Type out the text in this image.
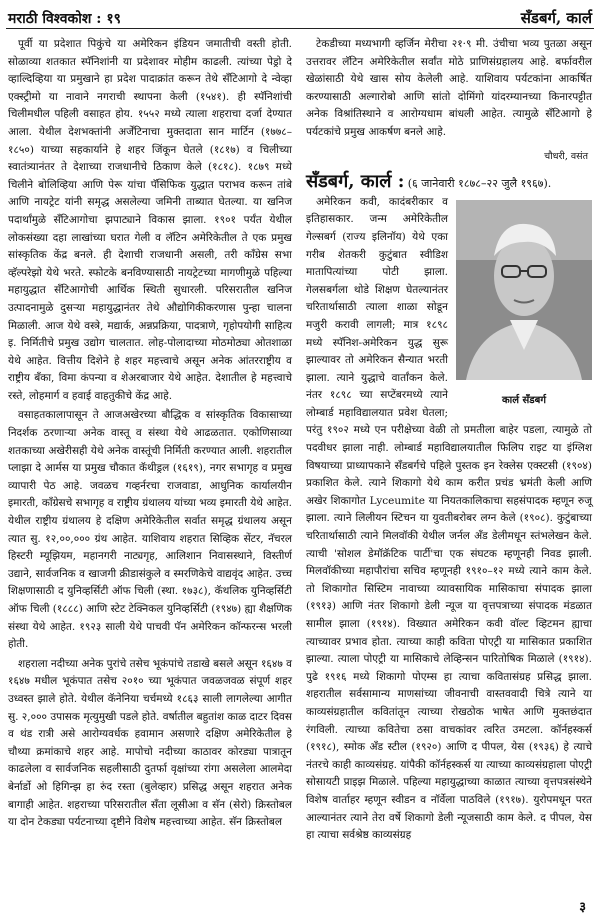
मराठी विश्वकोश : १९	सँडबर्ग, कार्ल

पूर्वी या प्रदेशात पिकुंचे या अमेरिकन इंडियन जमातीची वस्ती होती. सोळाव्या शतकात स्पॅनिशांनी या प्रदेशावर मोहीम काढली. त्यांच्या पेड्रो दे व्हाल्दिव्हिया या प्रमुखाने हा प्रदेश पादाक्रांत करून तेथे सँटिआगो दे न्वेव्हा एक्स्ट्रीमो या नावाने नगराची स्थापना केली (१५४१). ही स्पॅनिशांची चिलीमधील पहिली वसाहत होय. १५५२ मध्ये त्याला शहराचा दर्जा देण्यात आला. येथील देशभक्तांनी अर्जेंटिनाचा मुक्तदाता सान मार्टिन (१७७८–१८५०) याच्या सहकार्याने हे शहर जिंकून घेतले (१८१७) व चिलीच्या स्वातंत्र्यानंतर ते देशाच्या राजधानीचे ठिकाण केले (१८१८). १८७९ मध्ये चिलीने बोलिव्हिया आणि पेरू यांचा पॅसिफिक युद्धात पराभव करून तांबे आणि नायट्रेट यांनी समृद्ध असलेल्या जमिनी ताब्यात घेतल्या. या खनिज पदार्थांमुळे सँटिआगोचा झपाट्याने विकास झाला. १९०१ पर्यंत येथील लोकसंख्या दहा लाखांच्या घरात गेली व लॅटिन अमेरिकेतील ते एक प्रमुख सांस्कृतिक केंद्र बनले. ही देशाची राजधानी असली, तरी काँग्रेस सभा व्हॅल्परेझो येथे भरते. स्फोटके बनविण्यासाठी नायट्रेटच्या मागणीमुळे पहिल्या महायुद्धात सँटिआगोची आर्थिक स्थिती सुधारली. परिसरातील खनिज उत्पादनामुळे दुसऱ्या महायुद्धानंतर तेथे औद्योगिकीकरणास पुन्हा चालना मिळाली. आज येथे वस्त्रे, मद्यार्क, अन्नप्रक्रिया, पादत्राणे, गृहोपयोगी साहित्य इ. निर्मितीचे प्रमुख उद्योग चालतात. लोह-पोलादाच्या मोठमोठ्या ओतशाळा येथे आहेत. वित्तीय दिशेने हे शहर महत्त्वाचे असून अनेक आंतरराष्ट्रीय व राष्ट्रीय बँका, विमा कंपन्या व शेअरबाजार येथे आहेत. देशातील हे महत्त्वाचे रस्ते, लोहमार्ग व हवाई वाहतुकीचे केंद्र आहे.

वसाहतकालापासून ते आजअखेरच्या बौद्धिक व सांस्कृतिक विकासाच्या निदर्शक ठरणाऱ्या अनेक वास्तू व संस्था येथे आढळतात. एकोणिसाव्या शतकाच्या अखेरीसही येथे अनेक वास्तूंची निर्मिती करण्यात आली. शहरातील प्लाझा दे आर्मस या प्रमुख चौकात कॅथीड्रल (१६१९), नगर सभागृह व प्रमुख व्यापारी पेठ आहे. जवळच गव्हर्नरचा राजवाडा, आधुनिक कार्यालयीन इमारती, काँग्रेसचे सभागृह व राष्ट्रीय ग्रंथालय यांच्या भव्य इमारती येथे आहेत. येथील राष्ट्रीय ग्रंथालय हे दक्षिण अमेरिकेतील सर्वात समृद्ध ग्रंथालय असून त्यात सु. १२,००,००० ग्रंथ आहेत. याशिवाय शहरात सिव्हिक सेंटर, नॅचरल हिस्टरी म्यूझियम, महानगरी नाट्यगृह, आलिशान निवासस्थाने, विस्तीर्ण उद्याने, सार्वजनिक व खाजगी क्रीडासंकुले व स्मरणिकेचे वाद्यवृंद आहेत. उच्च शिक्षणासाठी द युनिव्हर्सिटी ऑफ चिली (स्था. १७३८), कॅथलिक युनिव्हर्सिटी ऑफ चिली (१८८८) आणि स्टेट टेक्निकल युनिव्हर्सिटी (१९४७) ह्या शैक्षणिक संस्था येथे आहेत. १९२३ साली येथे पाचवी पॅन अमेरिकन कॉन्फरन्स भरली होती.

शहराला नदीच्या अनेक पुरांचे तसेच भूकंपांचे तडाखे बसले असून १६४७ व १६४७ मधील भूकंपात तसेच २०१० च्या भूकंपात जवळजवळ संपूर्ण शहर उध्वस्त झाले होते. येथील कॅनेनिया चर्चमध्ये १८६३ साली लागलेल्या आगीत सु. २,००० उपासक मृत्युमुखी पडले होते. वर्षातील बहुतांश काळ दाटर दिवस व थंड रात्री असे आरोग्यवर्धक हवामान असणारे दक्षिण अमेरिकेतील हे चौथ्या क्रमांकाचे शहर आहे. मापोचो नदीच्या काठावर कोरड्या पात्रातून काढलेला व सार्वजनिक सहलीसाठी दुतर्फा वृक्षांच्या रांगा असलेला आलमेदा बेर्नार्डो ओ हिगिन्झ हा रुंद रस्ता (बुलेव्हार) प्रसिद्ध असून शहरात अनेक बागाही आहेत. शहराच्या परिसरातील सॅंता लूसीआ व सॅन (सेरो) क्रिस्तोबल या दोन टेकड्या पर्यटनाच्या दृष्टीने विशेष महत्त्वाच्या आहेत. सॅन क्रिस्तोबल

टेकडीच्या मध्यभागी व्हर्जिन मेरीचा २१·९ मी. उंचीचा भव्य पुतळा असून उत्तरावर लॅटिन अमेरिकेतील सर्वांत मोठे प्राणिसंग्रहालय आहे. बर्फावरील खेळांसाठी येथे खास सोय केलेली आहे. याशिवाय पर्यटकांना आकर्षित करण्यासाठी अल्गारोबो आणि सांतो दोमिंगो यांदरम्यानच्या किनारपट्टीत अनेक विश्रांतिस्थाने व आरोग्यधाम बांधली आहेत. त्यामुळे सँटिआगो हे पर्यटकांचे प्रमुख आकर्षण बनले आहे.

चौधरी, वसंत
सँडबर्ग, कार्ल : (६ जानेवारी १८७८–२२ जुलै १९६७).
कार्ल सँडबर्ग

अमेरिकन कवी, कादंबरीकार व इतिहासकार. जन्म अमेरिकेतील गेल्सबर्ग (राज्य इलिनॉय) येथे एका गरीब शेतकरी कुटुंबात स्वीडिश मातापित्यांच्या पोटी झाला. गेलसबर्गला थोडे शिक्षण घेतल्यानंतर चरितार्थासाठी त्याला शाळा सोडून मजुरी करावी लागली; मात्र १८९८ मध्ये स्पॅनिश-अमेरिकन युद्ध सुरू झाल्यावर तो अमेरिकन सैन्यात भरती झाला. त्याने युद्धाचे वार्तांकन केले. नंतर १८९८ च्या सप्टेंबरमध्ये त्याने लोम्बार्ड महाविद्यालयात प्रवेश घेतला; परंतु १९०२ मध्ये एन परीक्षेच्या वेळी तो प्रमतीला बाहेर पडला, त्यामुळे तो पदवीधर झाला नाही. लोम्बार्ड महाविद्यालयातील फिलिप राइट या इंग्लिश विषयाच्या प्राध्यापकाने सँडबर्गचे पहिले पुस्तक इन रेक्लेस एक्स्टसी (१९०४) प्रकाशित केले. त्याने शिकागो येथे काम करीत प्रचंड भ्रमंती केली आणि अखेर शिकागोत Lyceumite या नियतकालिकाचा सहसंपादक म्हणून रुजू झाला. त्याने लिलीयन स्टिचन या युवतीबरोबर लग्न केले (१९०८). कुटुंबाच्या चरितार्थासाठी त्याने मिलवॉकी येथील जर्नल अँड डेलीमधून स्तंभलेखन केले. त्याची 'सोशल डेमॉक्रॅटिक पार्टी'चा एक संघटक म्हणूनही निवड झाली. मिलवॉकीच्या महापौरांचा सचिव म्हणूनही १९१०–१२ मध्ये त्याने काम केले. तो शिकागोत सिस्टिम नावाच्या व्यावसायिक मासिकाचा संपादक झाला (१९१३) आणि नंतर शिकागो डेली न्यूज या वृत्तपत्राच्या संपादक मंडळात सामील झाला (१९१४). विख्यात अमेरिकन कवी वॉल्ट व्हिटमन ह्याचा त्याच्यावर प्रभाव होता. त्याच्या काही कविता पोएट्री या मासिकात प्रकाशित झाल्या. त्याला पोएट्री या मासिकाचे लेव्हिन्सन पारितोषिक मिळाले (१९१४). पुढे १९१६ मध्ये शिकागो पोएम्स हा त्याचा कवितासंग्रह प्रसिद्ध झाला. शहरातील सर्वसामान्य माणसांच्या जीवनाची वास्तववादी चित्रे त्याने या काव्यसंग्रहातील कवितांतून त्याच्या रोखठोक भाषेत आणि मुक्तछंदात रंगविली. त्याच्या कवितेचा ठसा वाचकांवर त्वरित उमटला. कॉर्नहस्कर्स (१९१८), स्मोक अँड स्टील (१९२०) आणि द पीपल, येस (१९३६) हे त्याचे नंतरचे काही काव्यसंग्रह. यांपैकी कॉर्नहस्कर्स या त्याच्या काव्यसंग्रहाला पोएट्री सोसायटी प्राइझ मिळाले. पहिल्या महायुद्धाच्या काळात त्याच्या वृत्तपत्रसंस्थेने विशेष वार्ताहर म्हणून स्वीडन व नॉर्वेला पाठविले (१९१७). युरोपमधून परत आल्यानंतर त्याने तेरा वर्षे शिकागो डेली न्यूजसाठी काम केले. द पीपल, येस हा त्याचा सर्वश्रेष्ठ काव्यसंग्रह

३
